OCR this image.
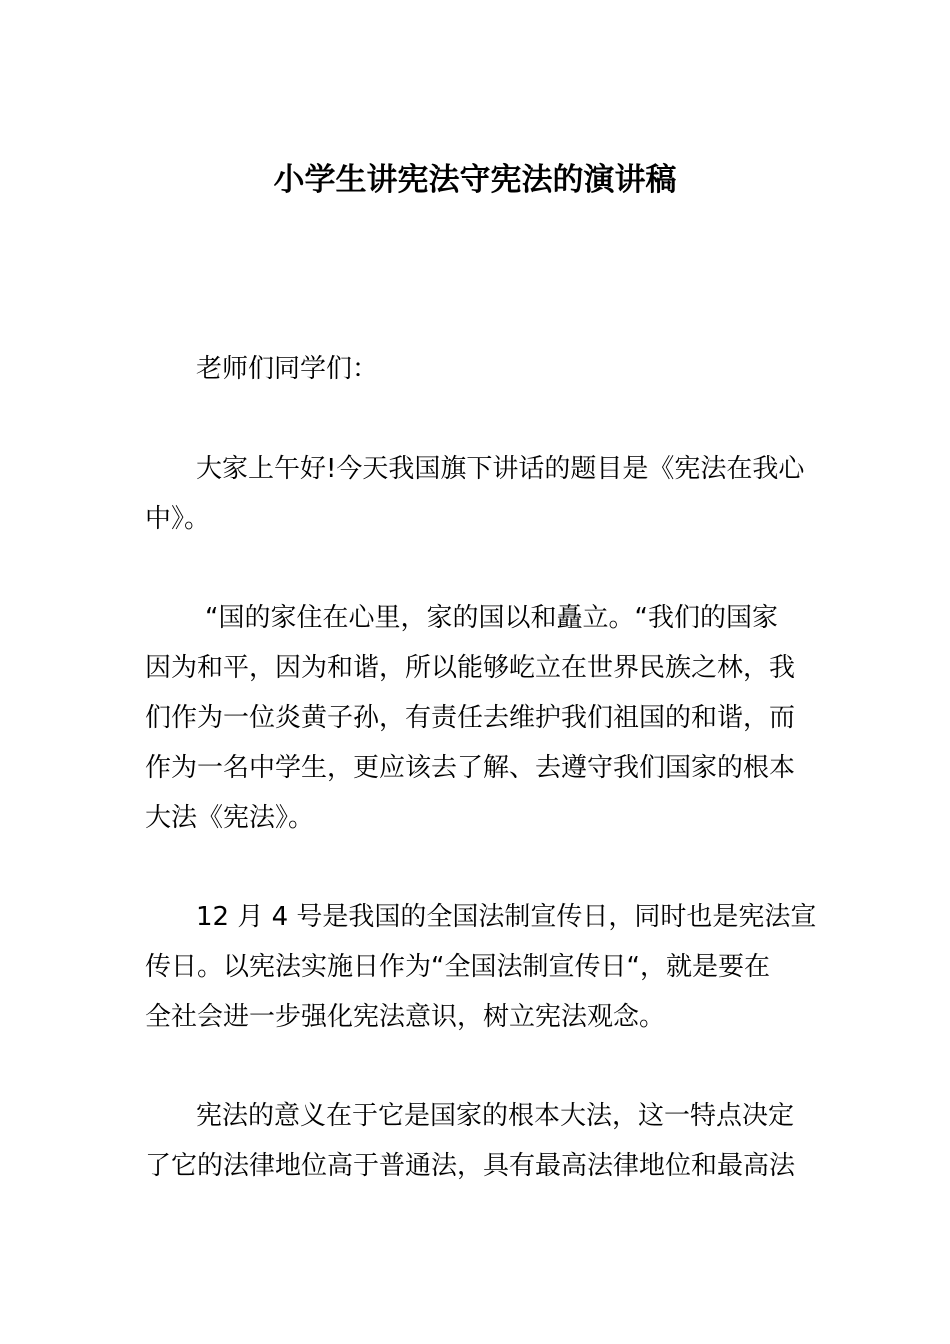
小学生讲宪法守宪法的演讲稿
老师们同学们：
大家上午好!今天我国旗下讲话的题目是《宪法在我心
中》。
“国的家住在心里，家的国以和矗立。“我们的国家
因为和平，因为和谐，所以能够屹立在世界民族之林，我
们作为一位炎黄子孙，有责任去维护我们祖国的和谐，而
作为一名中学生，更应该去了解、去遵守我们国家的根本
大法《宪法》。
12 月 4 号是我国的全国法制宣传日，同时也是宪法宣
传日。以宪法实施日作为“全国法制宣传日“，就是要在
全社会进一步强化宪法意识，树立宪法观念。
宪法的意义在于它是国家的根本大法，这一特点决定
了它的法律地位高于普通法，具有最高法律地位和最高法
